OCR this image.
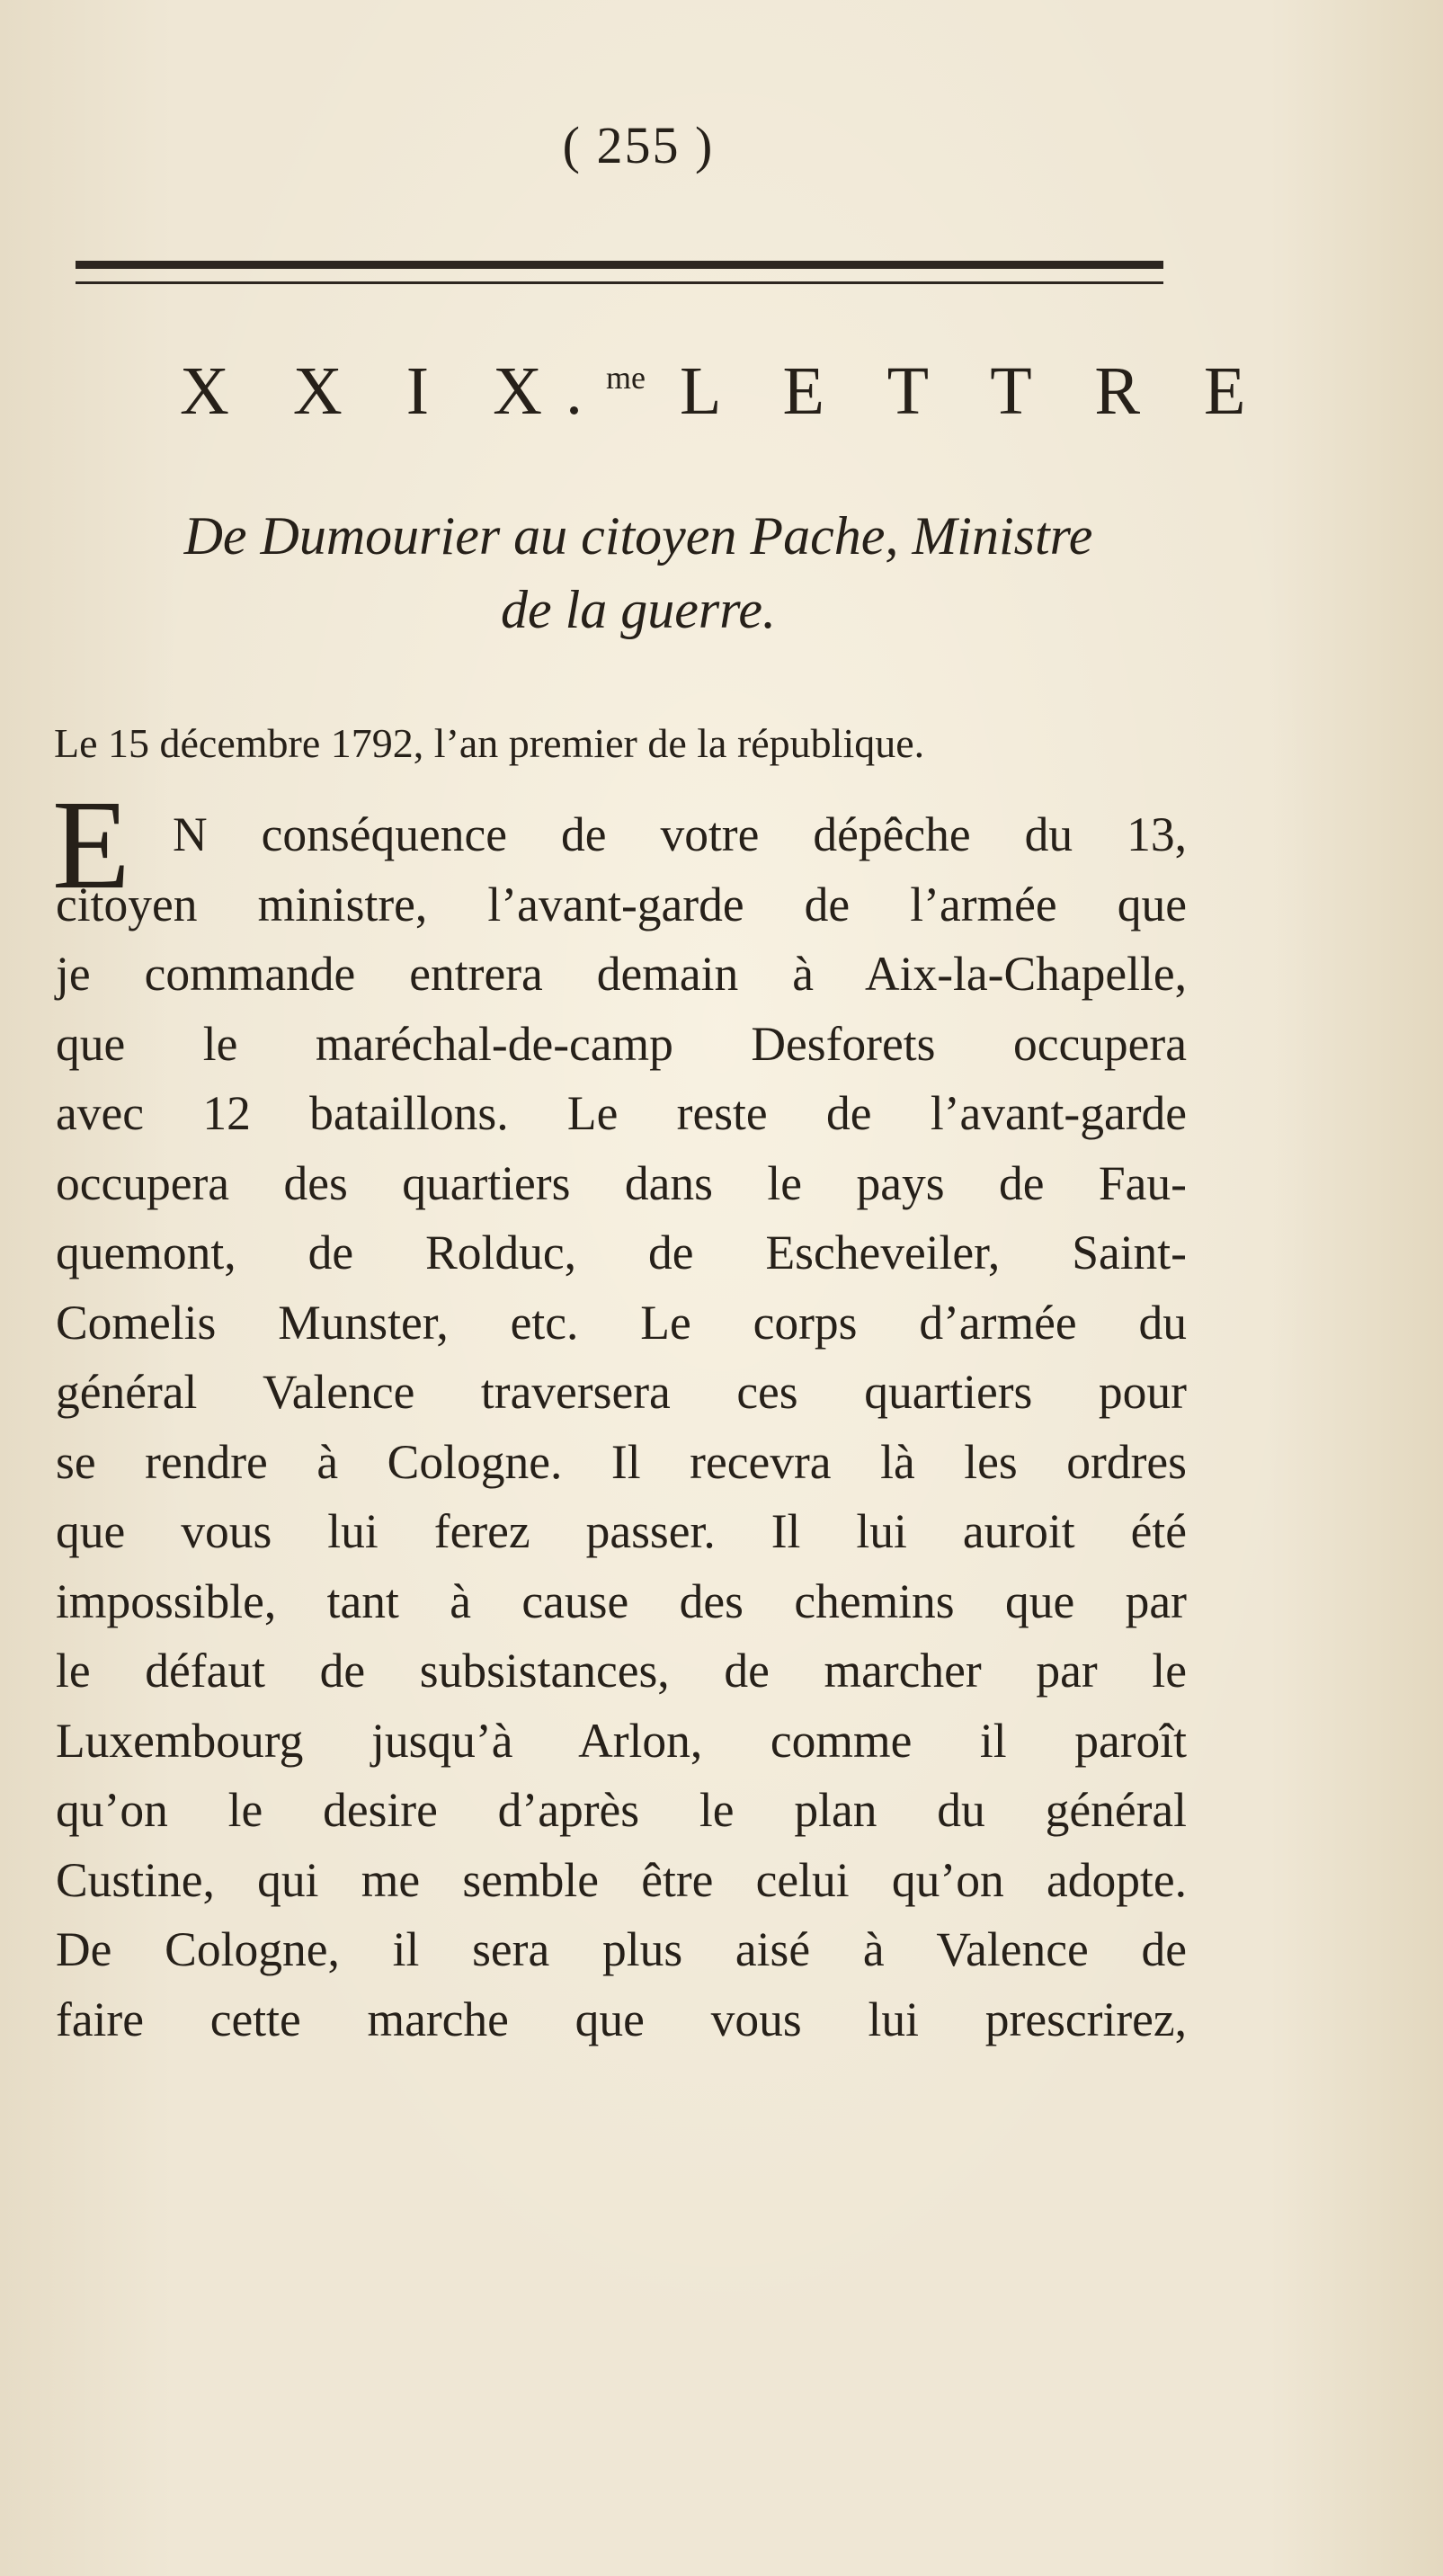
( 255 )
X X I X.$^{me}$ L E T T R E
De Dumourier au citoyen Pache, Ministre
de la guerre.
Le 15 décembre 1792, l’an premier de la république.
E N conséquence de votre dépêche du 13,
citoyen ministre, l’avant-garde de l’armée que
je commande entrera demain à Aix-la-Chapelle,
que le maréchal-de-camp Desforets occupera
avec 12 bataillons. Le reste de l’avant-garde
occupera des quartiers dans le pays de Fau-
quemont, de Rolduc, de Escheveiler, Saint-
Comelis Munster, etc. Le corps d’armée du
général Valence traversera ces quartiers pour
se rendre à Cologne. Il recevra là les ordres
que vous lui ferez passer. Il lui auroit été
impossible, tant à cause des chemins que par
le défaut de subsistances, de marcher par le
Luxembourg jusqu’à Arlon, comme il paroît
qu’on le desire d’après le plan du général
Custine, qui me semble être celui qu’on adopte.
De Cologne, il sera plus aisé à Valence de
faire cette marche que vous lui prescrirez,
